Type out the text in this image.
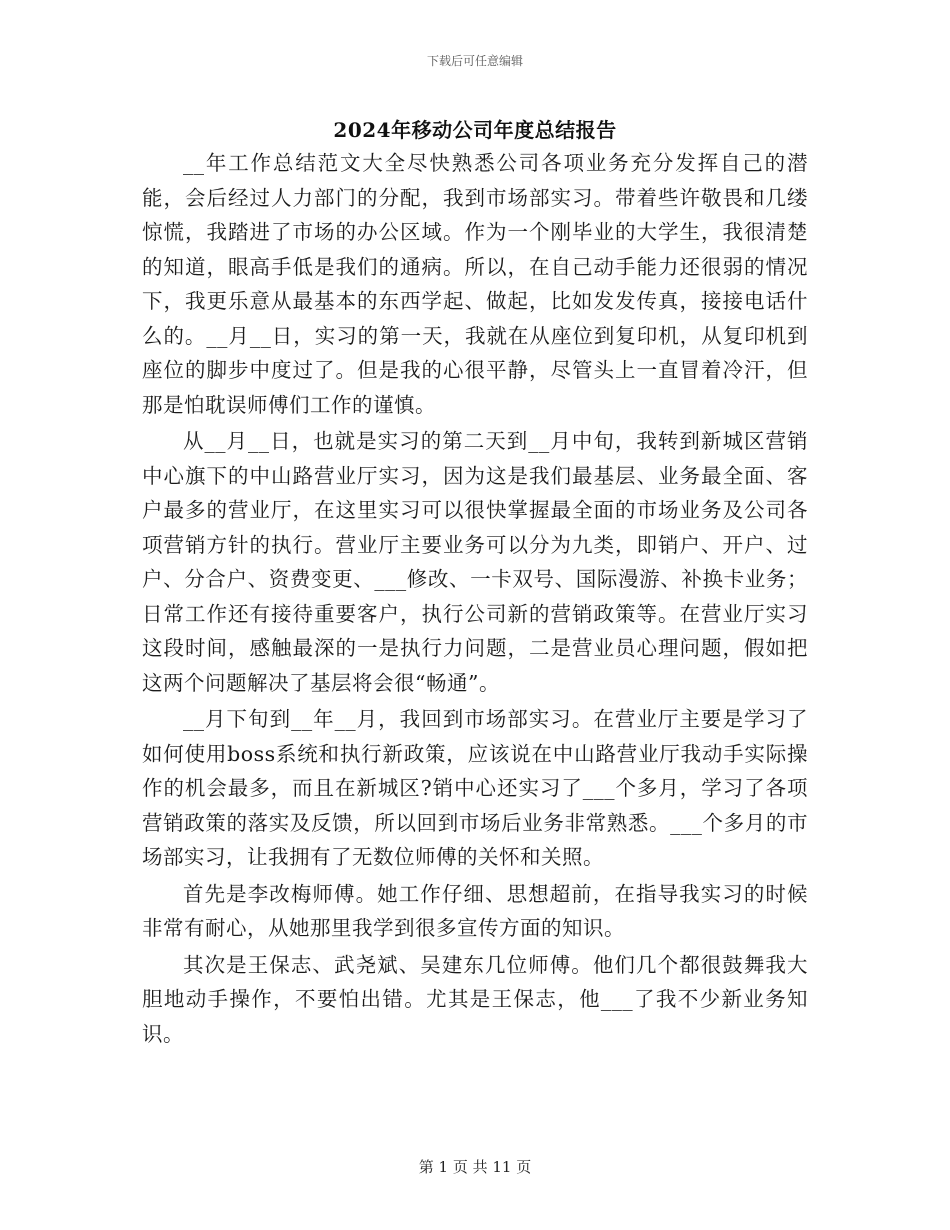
下载后可任意编辑
2024年移动公司年度总结报告

__年工作总结范文大全尽快熟悉公司各项业务充分发挥自己的潜能，会后经过人力部门的分配，我到市场部实习。带着些许敬畏和几缕惊慌，我踏进了市场的办公区域。作为一个刚毕业的大学生，我很清楚的知道，眼高手低是我们的通病。所以，在自己动手能力还很弱的情况下，我更乐意从最基本的东西学起、做起，比如发发传真，接接电话什么的。__月__日，实习的第一天，我就在从座位到复印机，从复印机到座位的脚步中度过了。但是我的心很平静，尽管头上一直冒着冷汗，但那是怕耽误师傅们工作的谨慎。

从__月__日，也就是实习的第二天到__月中旬，我转到新城区营销中心旗下的中山路营业厅实习，因为这是我们最基层、业务最全面、客户最多的营业厅，在这里实习可以很快掌握最全面的市场业务及公司各项营销方针的执行。营业厅主要业务可以分为九类，即销户、开户、过户、分合户、资费变更、___修改、一卡双号、国际漫游、补换卡业务；日常工作还有接待重要客户，执行公司新的营销政策等。在营业厅实习这段时间，感触最深的一是执行力问题，二是营业员心理问题，假如把这两个问题解决了基层将会很“畅通”。

__月下旬到__年__月，我回到市场部实习。在营业厅主要是学习了如何使用boss系统和执行新政策，应该说在中山路营业厅我动手实际操作的机会最多，而且在新城区?销中心还实习了___个多月，学习了各项营销政策的落实及反馈，所以回到市场后业务非常熟悉。___个多月的市场部实习，让我拥有了无数位师傅的关怀和关照。

首先是李改梅师傅。她工作仔细、思想超前，在指导我实习的时候非常有耐心，从她那里我学到很多宣传方面的知识。

其次是王保志、武尧斌、吴建东几位师傅。他们几个都很鼓舞我大胆地动手操作，不要怕出错。尤其是王保志，他___了我不少新业务知识。

第 1 页 共 11 页
